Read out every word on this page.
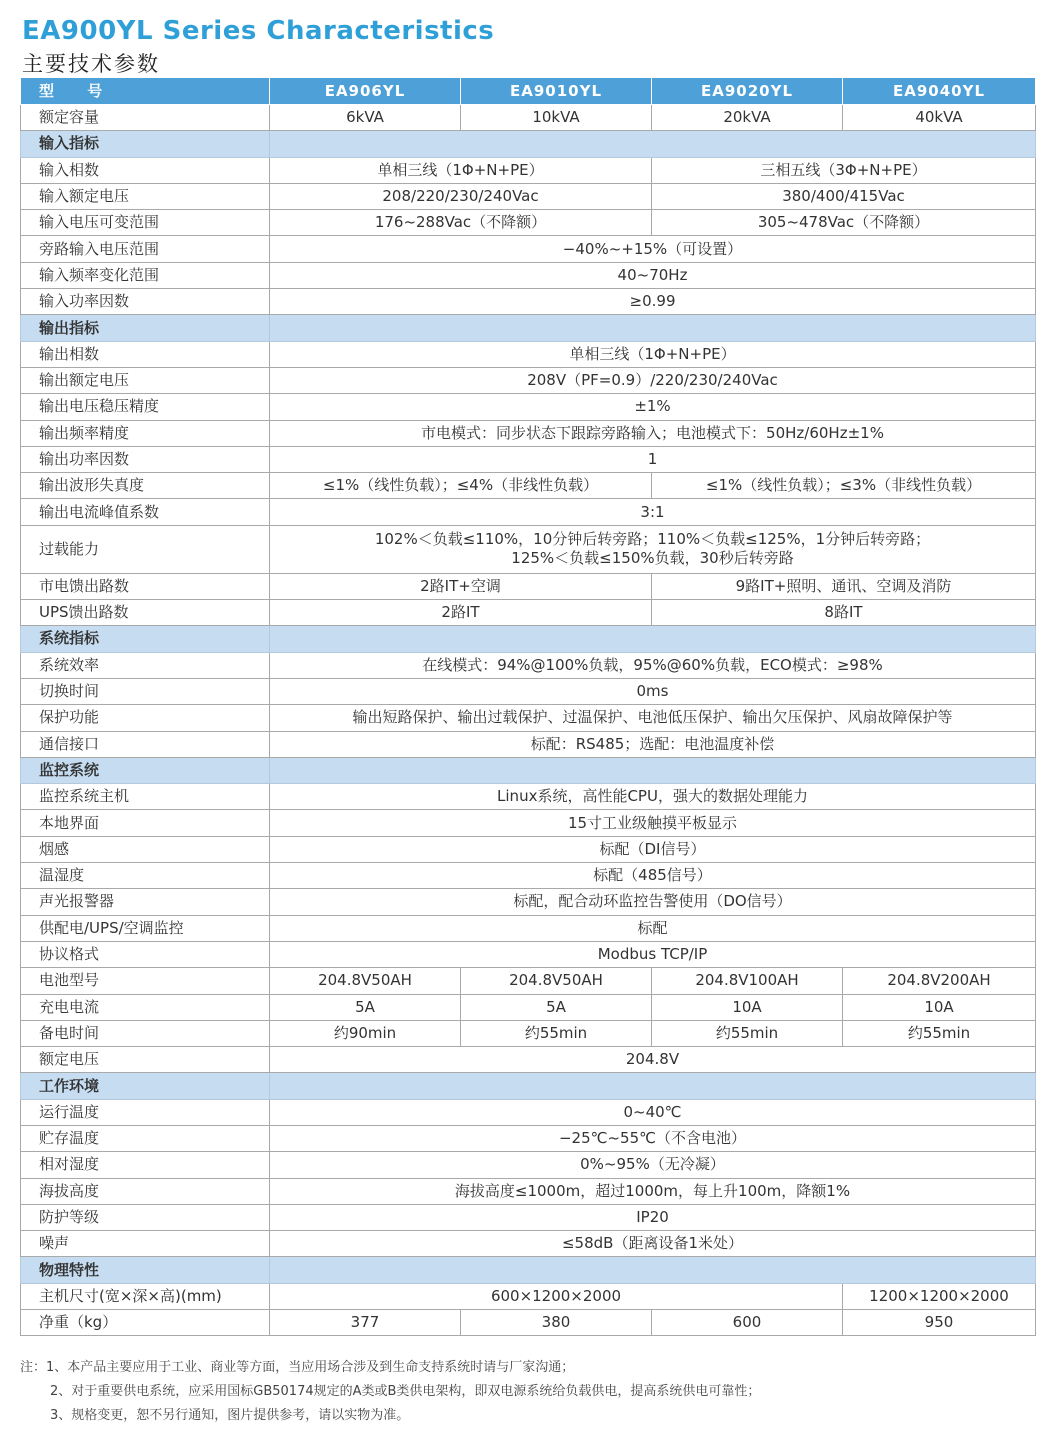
EA900YL Series Characteristics
主要技术参数
型 号	EA906YL	EA9010YL	EA9020YL	EA9040YL
额定容量	6kVA	10kVA	20kVA	40kVA
输入指标				
输入相数	单相三线（1Φ+N+PE）		三相五线（3Φ+N+PE）	
输入额定电压	208/220/230/240Vac		380/400/415Vac	
输入电压可变范围	176~288Vac（不降额）		305~478Vac（不降额）	
旁路输入电压范围	−40%~+15%（可设置）			
输入频率变化范围	40~70Hz			
输入功率因数	≥0.99			
输出指标				
输出相数	单相三线（1Φ+N+PE）			
输出额定电压	208V（PF=0.9）/220/230/240Vac			
输出电压稳压精度	±1%			
输出频率精度	市电模式：同步状态下跟踪旁路输入；电池模式下：50Hz/60Hz±1%			
输出功率因数	1			
输出波形失真度	≤1%（线性负载）；≤4%（非线性负载）		≤1%（线性负载）；≤3%（非线性负载）	
输出电流峰值系数	3:1			
过载能力	102%＜负载≤110%，10分钟后转旁路；110%＜负载≤125%，1分钟后转旁路；
125%＜负载≤150%负载，30秒后转旁路			

市电馈出路数	2路IT+空调		9路IT+照明、通讯、空调及消防	
UPS馈出路数	2路IT		8路IT	
系统指标				
系统效率	在线模式：94%@100%负载，95%@60%负载，ECO模式：≥98%			
切换时间	0ms			
保护功能	输出短路保护、输出过载保护、过温保护、电池低压保护、输出欠压保护、风扇故障保护等			
通信接口	标配：RS485；选配：电池温度补偿			
监控系统				
监控系统主机	Linux系统，高性能CPU，强大的数据处理能力			
本地界面	15寸工业级触摸平板显示			
烟感	标配（DI信号）			
温湿度	标配（485信号）			
声光报警器	标配，配合动环监控告警使用（DO信号）			
供配电/UPS/空调监控	标配			
协议格式	Modbus TCP/IP			
电池型号	204.8V50AH	204.8V50AH	204.8V100AH	204.8V200AH
充电电流	5A	5A	10A	10A
备电时间	约90min	约55min	约55min	约55min
额定电压	204.8V			
工作环境				
运行温度	0~40℃			
贮存温度	−25℃~55℃（不含电池）			
相对湿度	0%~95%（无冷凝）			
海拔高度	海拔高度≤1000m，超过1000m，每上升100m，降额1%			
防护等级	IP20			
噪声	≤58dB（距离设备1米处）			
物理特性				
主机尺寸(宽×深×高)(mm)	600×1200×2000			1200×1200×2000
净重（kg）	377	380	600	950
注：1、本产品主要应用于工业、商业等方面，当应用场合涉及到生命支持系统时请与厂家沟通；
2、对于重要供电系统，应采用国标GB50174规定的A类或B类供电架构，即双电源系统给负载供电，提高系统供电可靠性；
3、规格变更，恕不另行通知，图片提供参考，请以实物为准。
